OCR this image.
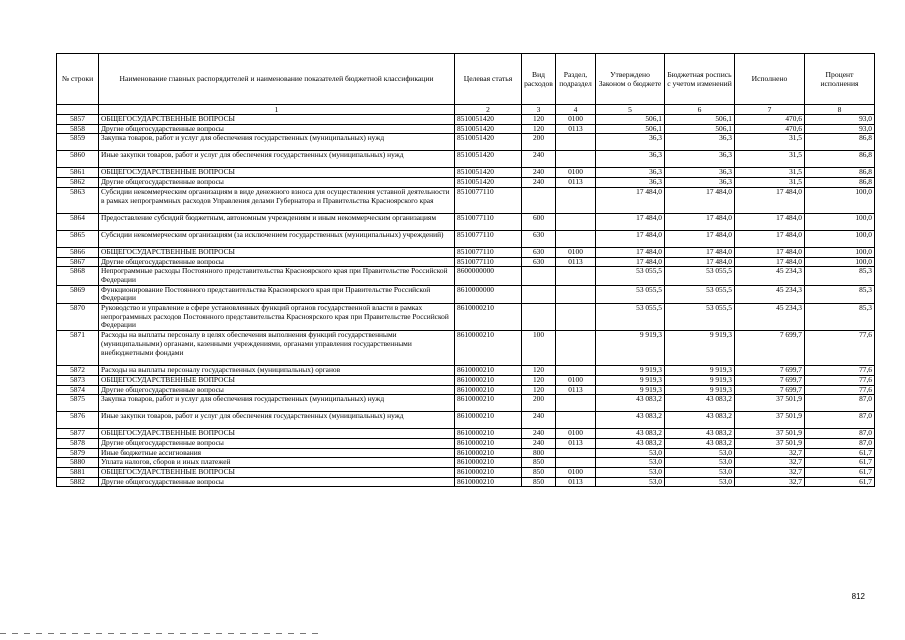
№ строки	Наименование главных распорядителей и наименование показателей бюджетной классификации	Целевая статья	Вид расходов	Раздел, подраздел	Утверждено Законом о бюджете	Бюджетная роспись с учетом изменений	Исполнено	Процент исполнения
	1	2	3	4	5	6	7	8
5857	ОБЩЕГОСУДАРСТВЕННЫЕ ВОПРОСЫ	8510051420	120	0100	506,1	506,1	470,6	93,0
5858	Другие общегосударственные вопросы	8510051420	120	0113	506,1	506,1	470,6	93,0
5859	Закупка товаров, работ и услуг для обеспечения государственных (муниципальных) нужд	8510051420	200		36,3	36,3	31,5	86,8
5860	Иные закупки товаров, работ и услуг для обеспечения государственных (муниципальных) нужд	8510051420	240		36,3	36,3	31,5	86,8
5861	ОБЩЕГОСУДАРСТВЕННЫЕ ВОПРОСЫ	8510051420	240	0100	36,3	36,3	31,5	86,8
5862	Другие общегосударственные вопросы	8510051420	240	0113	36,3	36,3	31,5	86,8
5863	Субсидии некоммерческим организациям в виде денежного взноса для осуществления уставной деятельности в рамках непрограммных расходов Управления делами Губернатора и Правительства Красноярского края	8510077110			17 484,0	17 484,0	17 484,0	100,0
5864	Предоставление субсидий бюджетным, автономным учреждениям и иным некоммерческим организациям	8510077110	600		17 484,0	17 484,0	17 484,0	100,0
5865	Субсидии некоммерческим организациям (за исключением государственных (муниципальных) учреждений)	8510077110	630		17 484,0	17 484,0	17 484,0	100,0
5866	ОБЩЕГОСУДАРСТВЕННЫЕ ВОПРОСЫ	8510077110	630	0100	17 484,0	17 484,0	17 484,0	100,0
5867	Другие общегосударственные вопросы	8510077110	630	0113	17 484,0	17 484,0	17 484,0	100,0
5868	Непрограммные расходы Постоянного представительства Красноярского края при Правительстве Российской Федерации	8600000000			53 055,5	53 055,5	45 234,3	85,3
5869	Функционирование Постоянного представительства Красноярского края при Правительстве Российской Федерации	8610000000			53 055,5	53 055,5	45 234,3	85,3
5870	Руководство и управление в сфере установленных функций органов государственной власти в рамках непрограммных расходов Постоянного представительства Красноярского края при Правительстве Российской Федерации	8610000210			53 055,5	53 055,5	45 234,3	85,3
5871	Расходы на выплаты персоналу в целях обеспечения выполнения функций государственными (муниципальными) органами, казенными учреждениями, органами управления государственными внебюджетными фондами	8610000210	100		9 919,3	9 919,3	7 699,7	77,6
5872	Расходы на выплаты персоналу государственных (муниципальных) органов	8610000210	120		9 919,3	9 919,3	7 699,7	77,6
5873	ОБЩЕГОСУДАРСТВЕННЫЕ ВОПРОСЫ	8610000210	120	0100	9 919,3	9 919,3	7 699,7	77,6
5874	Другие общегосударственные вопросы	8610000210	120	0113	9 919,3	9 919,3	7 699,7	77,6
5875	Закупка товаров, работ и услуг для обеспечения государственных (муниципальных) нужд	8610000210	200		43 083,2	43 083,2	37 501,9	87,0
5876	Иные закупки товаров, работ и услуг для обеспечения государственных (муниципальных) нужд	8610000210	240		43 083,2	43 083,2	37 501,9	87,0
5877	ОБЩЕГОСУДАРСТВЕННЫЕ ВОПРОСЫ	8610000210	240	0100	43 083,2	43 083,2	37 501,9	87,0
5878	Другие общегосударственные вопросы	8610000210	240	0113	43 083,2	43 083,2	37 501,9	87,0
5879	Иные бюджетные ассигнования	8610000210	800		53,0	53,0	32,7	61,7
5880	Уплата налогов, сборов и иных платежей	8610000210	850		53,0	53,0	32,7	61,7
5881	ОБЩЕГОСУДАРСТВЕННЫЕ ВОПРОСЫ	8610000210	850	0100	53,0	53,0	32,7	61,7
5882	Другие общегосударственные вопросы	8610000210	850	0113	53,0	53,0	32,7	61,7
812
